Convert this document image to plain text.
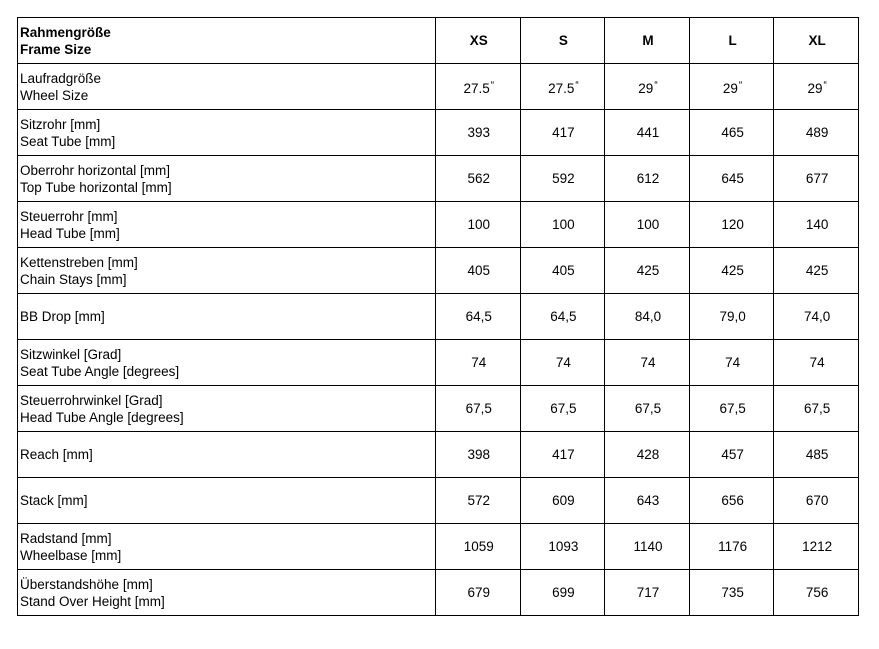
Rahmengröße
Frame Size	XS	S	M	L	XL

Laufradgröße
Wheel Size	27.5“	27.5“	29“	29“	29“

Sitzrohr [mm]
Seat Tube [mm]	393	417	441	465	489

Oberrohr horizontal [mm]
Top Tube horizontal [mm]	562	592	612	645	677

Steuerrohr [mm]
Head Tube [mm]	100	100	100	120	140

Kettenstreben [mm]
Chain Stays [mm]	405	405	425	425	425

BB Drop [mm]	64,5	64,5	84,0	79,0	74,0

Sitzwinkel [Grad]
Seat Tube Angle [degrees]	74	74	74	74	74

Steuerrohrwinkel [Grad]
Head Tube Angle [degrees]	67,5	67,5	67,5	67,5	67,5

Reach [mm]	398	417	428	457	485

Stack [mm]	572	609	643	656	670

Radstand [mm]
Wheelbase [mm]	1059	1093	1140	1176	1212

Überstandshöhe [mm]
Stand Over Height [mm]	679	699	717	735	756
